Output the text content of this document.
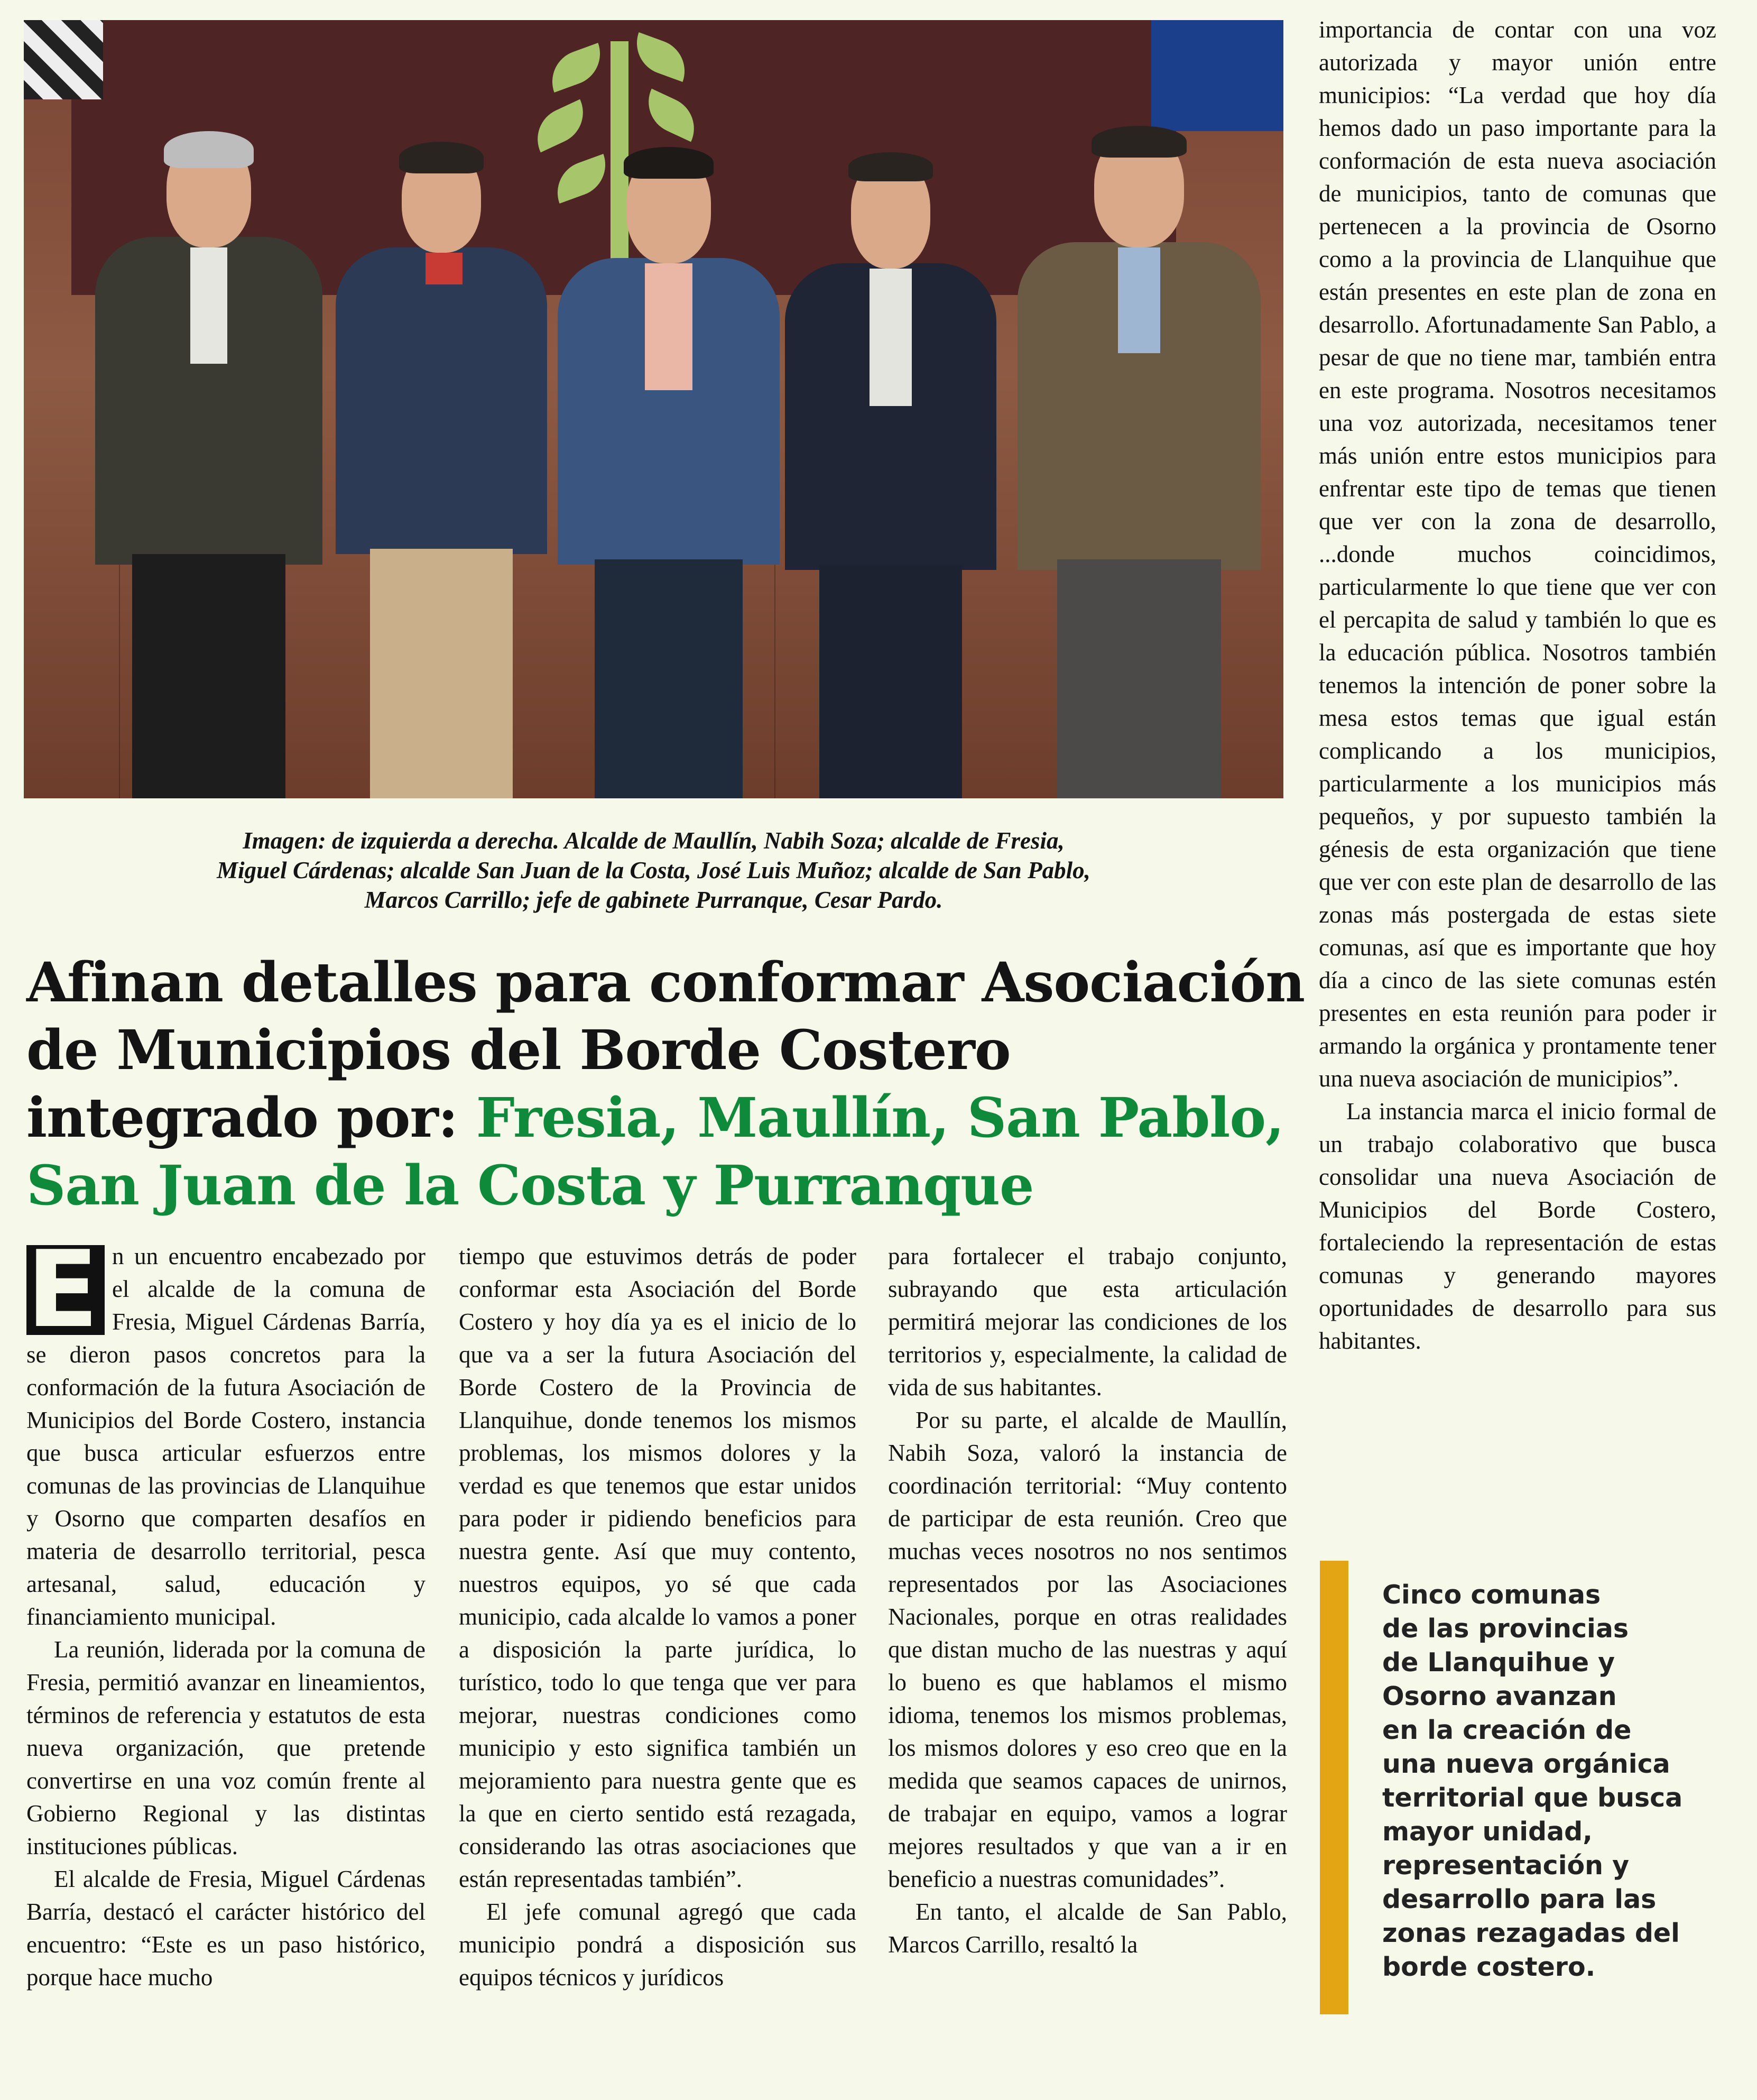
Imagen: de izquierda a derecha. Alcalde de Maullín, Nabih Soza; alcalde de Fresia,

Miguel Cárdenas; alcalde San Juan de la Costa, José Luis Muñoz; alcalde de San Pablo,

Marcos Carrillo; jefe de gabinete Purranque, Cesar Pardo.

Afinan detalles para conformar Asociación
de Municipios del Borde Costero
integrado por: Fresia, Maullín, San Pablo,
San Juan de la Costa y Purranque

E n un encuentro encabezado por el alcalde de la comuna de Fresia, Miguel Cárdenas Barría, se dieron pasos concretos para la conformación de la futura Asociación de Municipios del Borde Costero, instancia que busca articular esfuerzos entre comunas de las provincias de Llanquihue y Osorno que comparten desafíos en materia de desarrollo territorial, pesca artesanal, salud, educación y financiamiento municipal.

La reunión, liderada por la comuna de Fresia, permitió avanzar en lineamientos, términos de referencia y estatutos de esta nueva organización, que pretende convertirse en una voz común frente al Gobierno Regional y las distintas instituciones públicas.

El alcalde de Fresia, Miguel Cárdenas Barría, destacó el carácter histórico del encuentro: “Este es un paso histórico, porque hace mucho

tiempo que estuvimos detrás de poder conformar esta Asociación del Borde Costero y hoy día ya es el inicio de lo que va a ser la futura Asociación del Borde Costero de la Provincia de Llanquihue, donde tenemos los mismos problemas, los mismos dolores y la verdad es que tenemos que estar unidos para poder ir pidiendo beneficios para nuestra gente. Así que muy contento, nuestros equipos, yo sé que cada municipio, cada alcalde lo vamos a poner a disposición la parte jurídica, lo turístico, todo lo que tenga que ver para mejorar, nuestras condiciones como municipio y esto significa también un mejoramiento para nuestra gente que es la que en cierto sentido está rezagada, considerando las otras asociaciones que están representadas también”.

El jefe comunal agregó que cada municipio pondrá a disposición sus equipos técnicos y jurídicos

para fortalecer el trabajo conjunto, subrayando que esta articulación permitirá mejorar las condiciones de los territorios y, especialmente, la calidad de vida de sus habitantes.

Por su parte, el alcalde de Maullín, Nabih Soza, valoró la instancia de coordinación territorial: “Muy contento de participar de esta reunión. Creo que muchas veces nosotros no nos sentimos representados por las Asociaciones Nacionales, porque en otras realidades que distan mucho de las nuestras y aquí lo bueno es que hablamos el mismo idioma, tenemos los mismos problemas, los mismos dolores y eso creo que en la medida que seamos capaces de unirnos, de trabajar en equipo, vamos a lograr mejores resultados y que van a ir en beneficio a nuestras comunidades”.

En tanto, el alcalde de San Pablo, Marcos Carrillo, resaltó la

importancia de contar con una voz autorizada y mayor unión entre municipios: “La verdad que hoy día hemos dado un paso importante para la conformación de esta nueva asociación de municipios, tanto de comunas que pertenecen a la provincia de Osorno como a la provincia de Llanquihue que están presentes en este plan de zona en desarrollo. Afortunadamente San Pablo, a pesar de que no tiene mar, también entra en este programa. Nosotros necesitamos una voz autorizada, necesitamos tener más unión entre estos municipios para enfrentar este tipo de temas que tienen que ver con la zona de desarrollo, ...donde muchos coincidimos, particularmente lo que tiene que ver con el percapita de salud y también lo que es la educación pública. Nosotros también tenemos la intención de poner sobre la mesa estos temas que igual están complicando a los municipios, particularmente a los municipios más pequeños, y por supuesto también la génesis de esta organización que tiene que ver con este plan de desarrollo de las zonas más postergada de estas siete comunas, así que es importante que hoy día a cinco de las siete comunas estén presentes en esta reunión para poder ir armando la orgánica y prontamente tener una nueva asociación de municipios”.

La instancia marca el inicio formal de un trabajo colaborativo que busca consolidar una nueva Asociación de Municipios del Borde Costero, fortaleciendo la representación de estas comunas y generando mayores oportunidades de desarrollo para sus habitantes.

Cinco comunas

de las provincias

de Llanquihue y

Osorno avanzan

en la creación de

una nueva orgánica

territorial que busca

mayor unidad,

representación y

desarrollo para las

zonas rezagadas del

borde costero.
